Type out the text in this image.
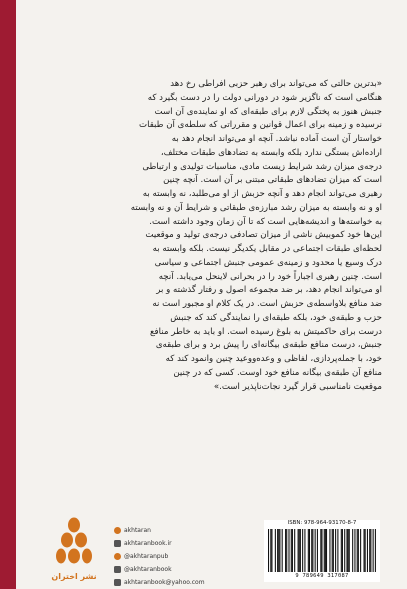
«بدترین حالتی که می‌تواند برای رهبر حزبی افراطی رخ دهد

هنگامی است که ناگزیر شود در دورانی دولت را در دست بگیرد که

جنبش هنوز به پختگی لازم برای طبقه‌ای که او نماینده‌ی آن است

نرسیده و زمینه برای اعمال قوانین و مقرراتی که سلطه‌ی آن طبقات

خواستار آن است آماده نباشد. آنچه او می‌تواند انجام دهد به

اراده‌اش بستگی ندارد بلکه وابسته به تضادهای طبقات مختلف،

درجه‌ی میزان رشد شرایط زیست مادی، مناسبات تولیدی و ارتباطی

است که میزان تضادهای طبقاتی مبتنی بر آن است. آنچه چنین

رهبری می‌تواند انجام دهد و آنچه حزبش از او می‌طلبد، نه وابسته به

او و نه وابسته به میزان رشد مبارزه‌ی طبقاتی و شرایط آن و نه وابسته

به خواسته‌ها و اندیشه‌هایی است که تا آن زمان وجود داشته است.

این‌ها خود کموبیش ناشی از میزان تصادفی درجه‌ی تولید و موقعیت

لحظه‌ای طبقات اجتماعی در مقابل یکدیگر نیست. بلکه وابسته به

درک وسیع یا محدود و زمینه‌ی عمومی جنبش اجتماعی و سیاسی

است. چنین رهبری اجباراً خود را در بحرانی لاینحل می‌یابد. آنچه

او می‌تواند انجام دهد، بر ضد مجموعه اصول و رفتار گذشته و بر

ضد منافع بلاواسطه‌ی حزبش است. در یک کلام او مجبور است نه

حزب و طبقه‌ی خود، بلکه طبقه‌ای را نمایندگی کند که جنبش

درست برای حاکمیتش به بلوغ رسیده است. او باید به خاطر منافع

جنبش، درست منافع طبقه‌ی بیگانه‌ای را پیش برد و برای طبقه‌ی

خود، با جمله‌پردازی، لفاظی و وعده‌ووعید چنین وانمود کند که

منافع آن طبقه‌ی بیگانه منافع خود اوست. کسی که در چنین

موقعیت نامناسبی قرار گیرد نجات‌ناپذیر است.»

نشر اختران
akhtaran
akhtaranbook.ir
@akhtaranpub
@akhtaranbook
akhtaranbook@yahoo.com
ISBN: 978-964-93170-8-7
9 789649 317087
